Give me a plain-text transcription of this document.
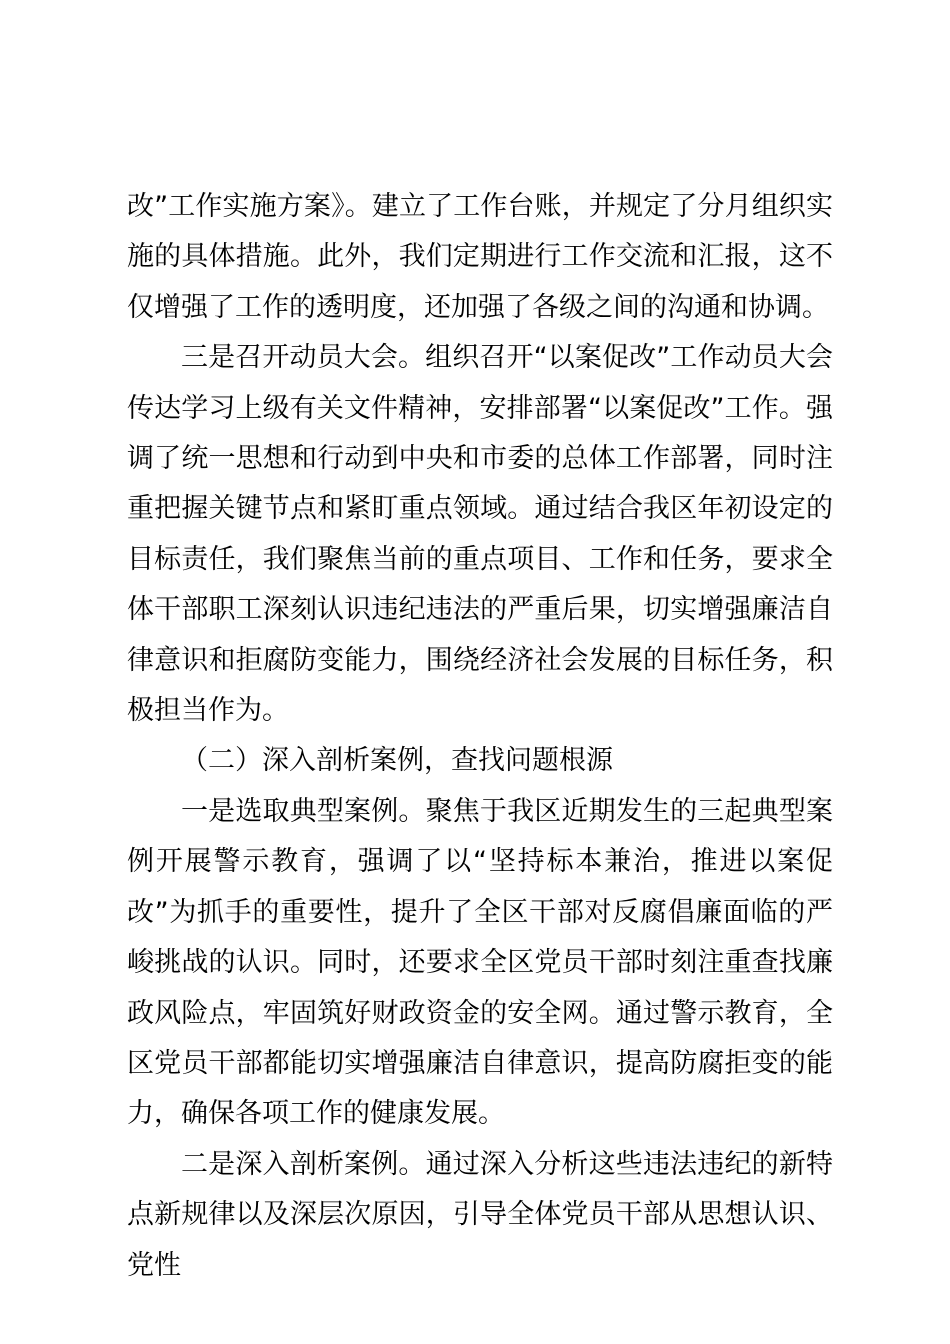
改”工作实施方案》。建立了工作台账，并规定了分月组织实施的具体措施。此外，我们定期进行工作交流和汇报，这不仅增强了工作的透明度，还加强了各级之间的沟通和协调。

三是召开动员大会。组织召开“以案促改”工作动员大会传达学习上级有关文件精神，安排部署“以案促改”工作。强调了统一思想和行动到中央和市委的总体工作部署，同时注重把握关键节点和紧盯重点领域。通过结合我区年初设定的目标责任，我们聚焦当前的重点项目、工作和任务，要求全体干部职工深刻认识违纪违法的严重后果，切实增强廉洁自律意识和拒腐防变能力，围绕经济社会发展的目标任务，积极担当作为。

（二）深入剖析案例，查找问题根源

一是选取典型案例。聚焦于我区近期发生的三起典型案例开展警示教育，强调了以“坚持标本兼治，推进以案促改”为抓手的重要性，提升了全区干部对反腐倡廉面临的严峻挑战的认识。同时，还要求全区党员干部时刻注重查找廉政风险点，牢固筑好财政资金的安全网。通过警示教育，全区党员干部都能切实增强廉洁自律意识，提高防腐拒变的能力，确保各项工作的健康发展。

二是深入剖析案例。通过深入分析这些违法违纪的新特点新规律以及深层次原因，引导全体党员干部从思想认识、党性
